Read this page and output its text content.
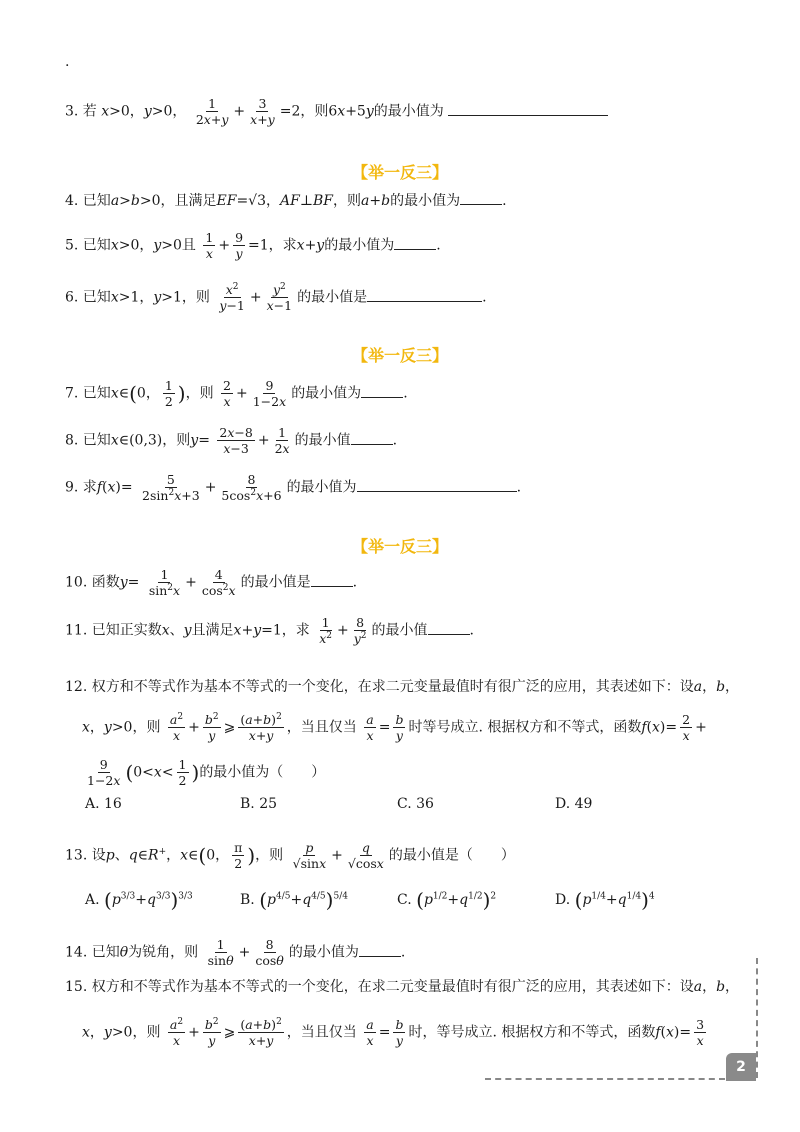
.
3. 若 x>0，y>0， $\frac{1}{2x+y} + \frac{3}{x+y} =2$，则6x+5y的最小值为
【举一反三】
4. 已知a>b>0，且满足EF=√3，AF⊥BF，则a+b的最小值为	.
5. 已知x>0，y>0且 $\frac{1}{x} + \frac{9}{y} =1$，求x+y的最小值为	.
6. 已知x>1，y>1，则 $\frac{x^2}{y-1} + \frac{y^2}{x-1}$ 的最小值是	.
【举一反三】
7. 已知x∈(0， $\frac{1}{2}$ )，则 $\frac{2}{x} + \frac{9}{1-2x}$ 的最小值为	.
8. 已知x∈(0,3)，则$y= \frac{2x-8}{x-3} + \frac{1}{2x}$ 的最小值	.
9. 求$f(x)= \frac{5}{2\sin^2x+3} + \frac{8}{5\cos^2x+6}$ 的最小值为	.
【举一反三】
10. 函数$y= \frac{1}{\sin^2x} + \frac{4}{\cos^2x}$ 的最小值是	.
11. 已知正实数x、y且满足x+y=1，求 $\frac{1}{x^2} + \frac{8}{y^2}$ 的最小值	.
12. 权方和不等式作为基本不等式的一个变化，在求二元变量最值时有很广泛的应用，其表述如下：设a，b，
x，y>0，则 $\frac{a^2}{x} + \frac{b^2}{y}$ ⩾ $\frac{(a+b)^2}{x+y}$ ，当且仅当 $\frac{a}{x} = \frac{b}{y}$ 时等号成立. 根据权方和不等式，函数$f(x)= \frac{2}{x}$ +
$\frac{9}{1-2x} (0<x< \frac{1}{2}$ )的最小值为（　　）
A. 16	B. 25	C. 36	D. 49
13. 设p、q∈R+，x∈(0， $\frac{\pi}{2}$ )，则 $\frac{p}{√\sin x} + \frac{q}{√\cos x}$ 的最小值是（　　）
A. $(p^{3/3}+q^{3/3})^{3/3}$	B. $(p^{4/5}+q^{4/5})^{5/4}$	C. $(p^{1/2}+q^{1/2})^2$	D. $(p^{1/4}+q^{1/4})^4$
14. 已知θ为锐角，则 $\frac{1}{\sin\theta} + \frac{8}{\cos\theta}$ 的最小值为	.
15. 权方和不等式作为基本不等式的一个变化，在求二元变量最值时有很广泛的应用，其表述如下：设a，b，
x，y>0，则 $\frac{a^2}{x} + \frac{b^2}{y}$ ⩾ $\frac{(a+b)^2}{x+y}$ ，当且仅当 $\frac{a}{x} = \frac{b}{y}$ 时，等号成立. 根据权方和不等式，函数$f(x)= \frac{3}{x}$
2
